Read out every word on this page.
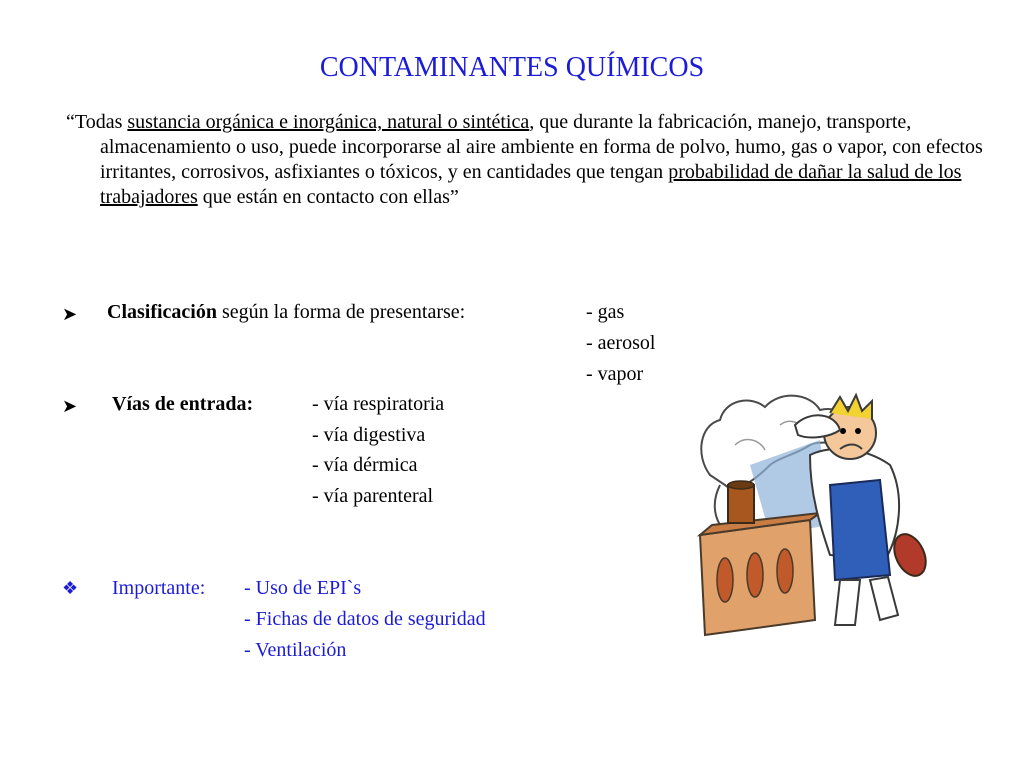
CONTAMINANTES QUÍMICOS

“Todas sustancia orgánica e inorgánica, natural o sintética, que durante la fabricación, manejo, transporte, almacenamiento o uso, puede incorporarse al aire ambiente en forma de polvo, humo, gas o vapor, con efectos irritantes, corrosivos, asfixiantes o tóxicos, y en cantidades que tengan probabilidad de dañar la salud de los trabajadores que están en contacto con ellas”

➤ Clasificación según la forma de presentarse:	- gas
- aerosol
- vapor
➤ Vías de entrada:	- vía respiratoria
- vía digestiva
- vía dérmica
- vía parenteral
❖ Importante: - Uso de EPI`s
- Fichas de datos de seguridad
- Ventilación
